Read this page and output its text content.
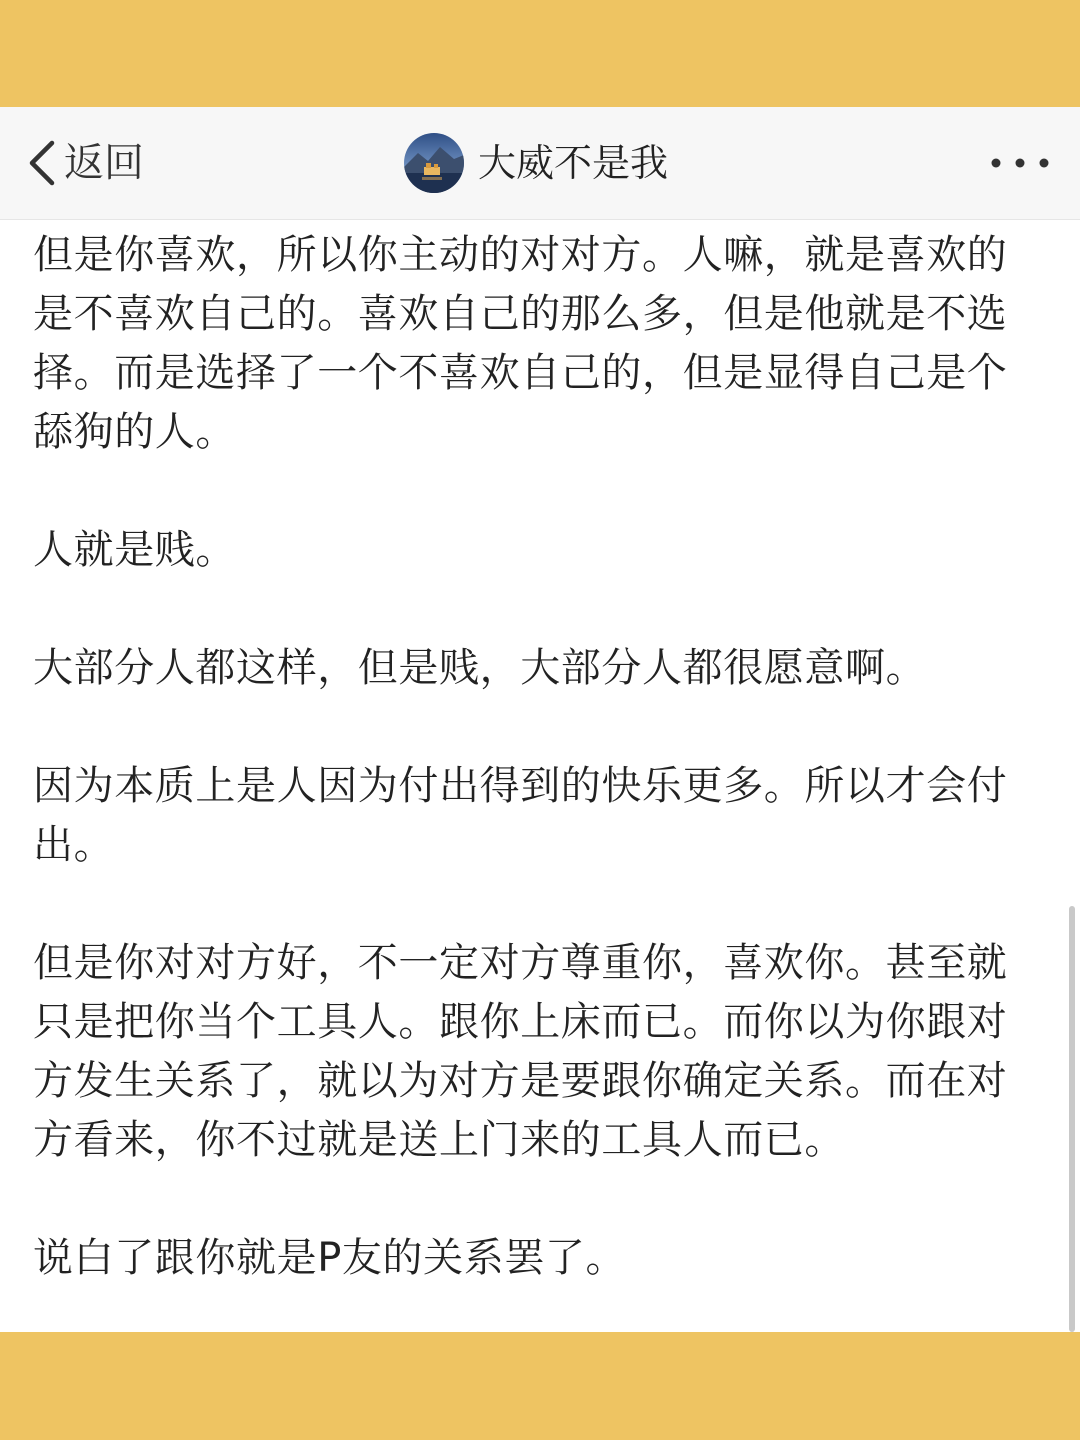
返回	大威不是我

但是你喜欢，所以你主动的对对方。人嘛，就是喜欢的
是不喜欢自己的。喜欢自己的那么多，但是他就是不选
择。而是选择了一个不喜欢自己的，但是显得自己是个
舔狗的人。

人就是贱。

大部分人都这样，但是贱，大部分人都很愿意啊。

因为本质上是人因为付出得到的快乐更多。所以才会付
出。

但是你对对方好，不一定对方尊重你，喜欢你。甚至就
只是把你当个工具人。跟你上床而已。而你以为你跟对
方发生关系了，就以为对方是要跟你确定关系。而在对
方看来，你不过就是送上门来的工具人而已。

说白了跟你就是P友的关系罢了。
